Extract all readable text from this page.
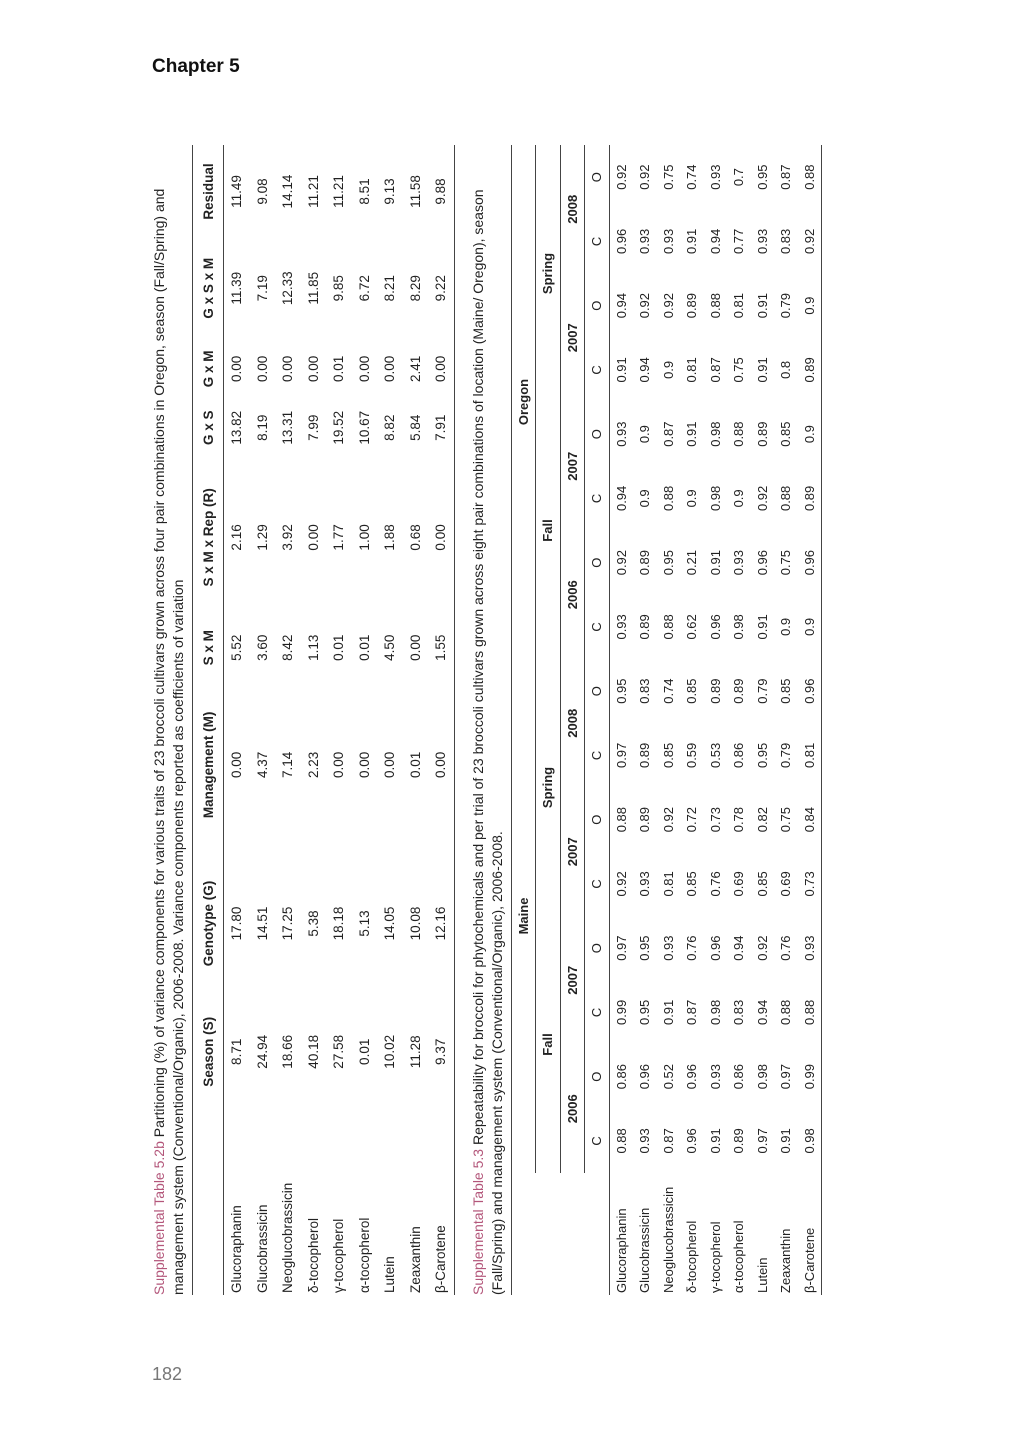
Chapter 5
182
Supplemental Table 5.2b Partitioning (%) of variance components for various traits of 23 broccoli cultivars grown across four pair combinations in Oregon, season (Fall/Spring) and management system (Conventional/Organic), 2006-2008. Variance components reported as coefficients of variation
	Season (S)	Genotype (G)	Management (M)	S x M	S x M x Rep (R)	G x S	G x M	G x S x M	Residual
Glucoraphanin	8.71	17.80	0.00	5.52	2.16	13.82	0.00	11.39	11.49
Glucobrassicin	24.94	14.51	4.37	3.60	1.29	8.19	0.00	7.19	9.08
Neoglucobrassicin	18.66	17.25	7.14	8.42	3.92	13.31	0.00	12.33	14.14
δ-tocopherol	40.18	5.38	2.23	1.13	0.00	7.99	0.00	11.85	11.21
γ-tocopherol	27.58	18.18	0.00	0.01	1.77	19.52	0.01	9.85	11.21
α-tocopherol	0.01	5.13	0.00	0.01	1.00	10.67	0.00	6.72	8.51
Lutein	10.02	14.05	0.00	4.50	1.88	8.82	0.00	8.21	9.13
Zeaxanthin	11.28	10.08	0.01	0.00	0.68	5.84	2.41	8.29	11.58
β-Carotene	9.37	12.16	0.00	1.55	0.00	7.91	0.00	9.22	9.88
Supplemental Table 5.3 Repeatability for broccoli for phytochemicals and per trial of 23 broccoli cultivars grown across eight pair combinations of location (Maine/ Oregon), season (Fall/Spring) and management system (Conventional/Organic), 2006-2008.
	Maine								Oregon							
	Fall				Spring				Fall				Spring			
	2006		2007		2007		2008		2006		2007		2007		2008	
	C	O	C	O	C	O	C	O	C	O	C	O	C	O	C	O
Glucoraphanin	0.88	0.86	0.99	0.97	0.92	0.88	0.97	0.95	0.93	0.92	0.94	0.93	0.91	0.94	0.96	0.92
Glucobrassicin	0.93	0.96	0.95	0.95	0.93	0.89	0.89	0.83	0.89	0.89	0.9	0.9	0.94	0.92	0.93	0.92
Neoglucobrassicin	0.87	0.52	0.91	0.93	0.81	0.92	0.85	0.74	0.88	0.95	0.88	0.87	0.9	0.92	0.93	0.75
δ-tocopherol	0.96	0.96	0.87	0.76	0.85	0.72	0.59	0.85	0.62	0.21	0.9	0.91	0.81	0.89	0.91	0.74
γ-tocopherol	0.91	0.93	0.98	0.96	0.76	0.73	0.53	0.89	0.96	0.91	0.98	0.98	0.87	0.88	0.94	0.93
α-tocopherol	0.89	0.86	0.83	0.94	0.69	0.78	0.86	0.89	0.98	0.93	0.9	0.88	0.75	0.81	0.77	0.7
Lutein	0.97	0.98	0.94	0.92	0.85	0.82	0.95	0.79	0.91	0.96	0.92	0.89	0.91	0.91	0.93	0.95
Zeaxanthin	0.91	0.97	0.88	0.76	0.69	0.75	0.79	0.85	0.9	0.75	0.88	0.85	0.8	0.79	0.83	0.87
β-Carotene	0.98	0.99	0.88	0.93	0.73	0.84	0.81	0.96	0.9	0.96	0.89	0.9	0.89	0.9	0.92	0.88
